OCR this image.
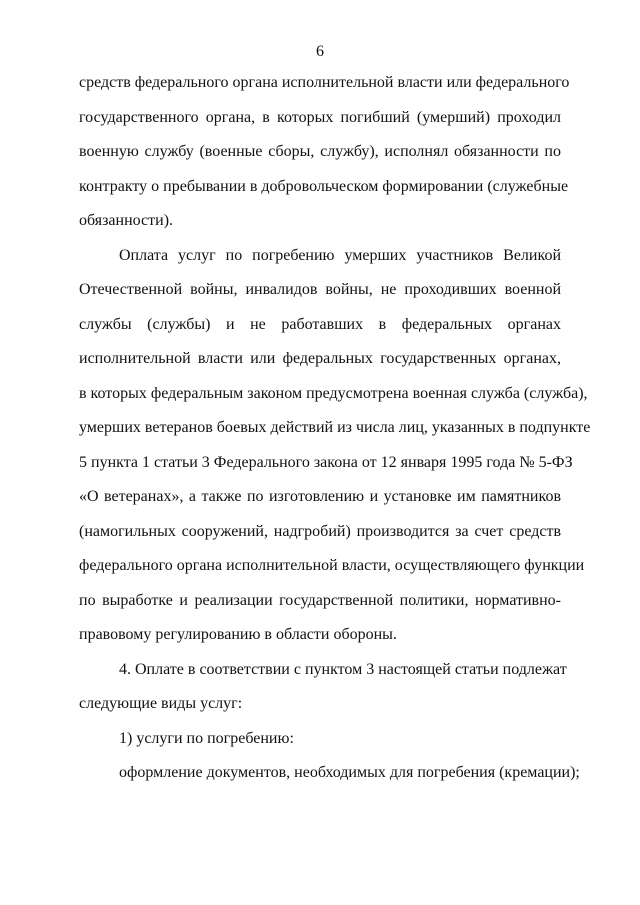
6

средств федерального органа исполнительной власти или федерального
государственного органа, в которых погибший (умерший) проходил
военную службу (военные сборы, службу), исполнял обязанности по
контракту о пребывании в добровольческом формировании (служебные
обязанности).

Оплата услуг по погребению умерших участников Великой
Отечественной войны, инвалидов войны, не проходивших военной
службы (службы) и не работавших в федеральных органах
исполнительной власти или федеральных государственных органах,
в которых федеральным законом предусмотрена военная служба (служба),
умерших ветеранов боевых действий из числа лиц, указанных в подпункте
5 пункта 1 статьи 3 Федерального закона от 12 января 1995 года № 5-ФЗ
«О ветеранах», а также по изготовлению и установке им памятников
(намогильных сооружений, надгробий) производится за счет средств
федерального органа исполнительной власти, осуществляющего функции
по выработке и реализации государственной политики, нормативно-
правовому регулированию в области обороны.

4. Оплате в соответствии с пунктом 3 настоящей статьи подлежат
следующие виды услуг:

1) услуги по погребению:

оформление документов, необходимых для погребения (кремации);
